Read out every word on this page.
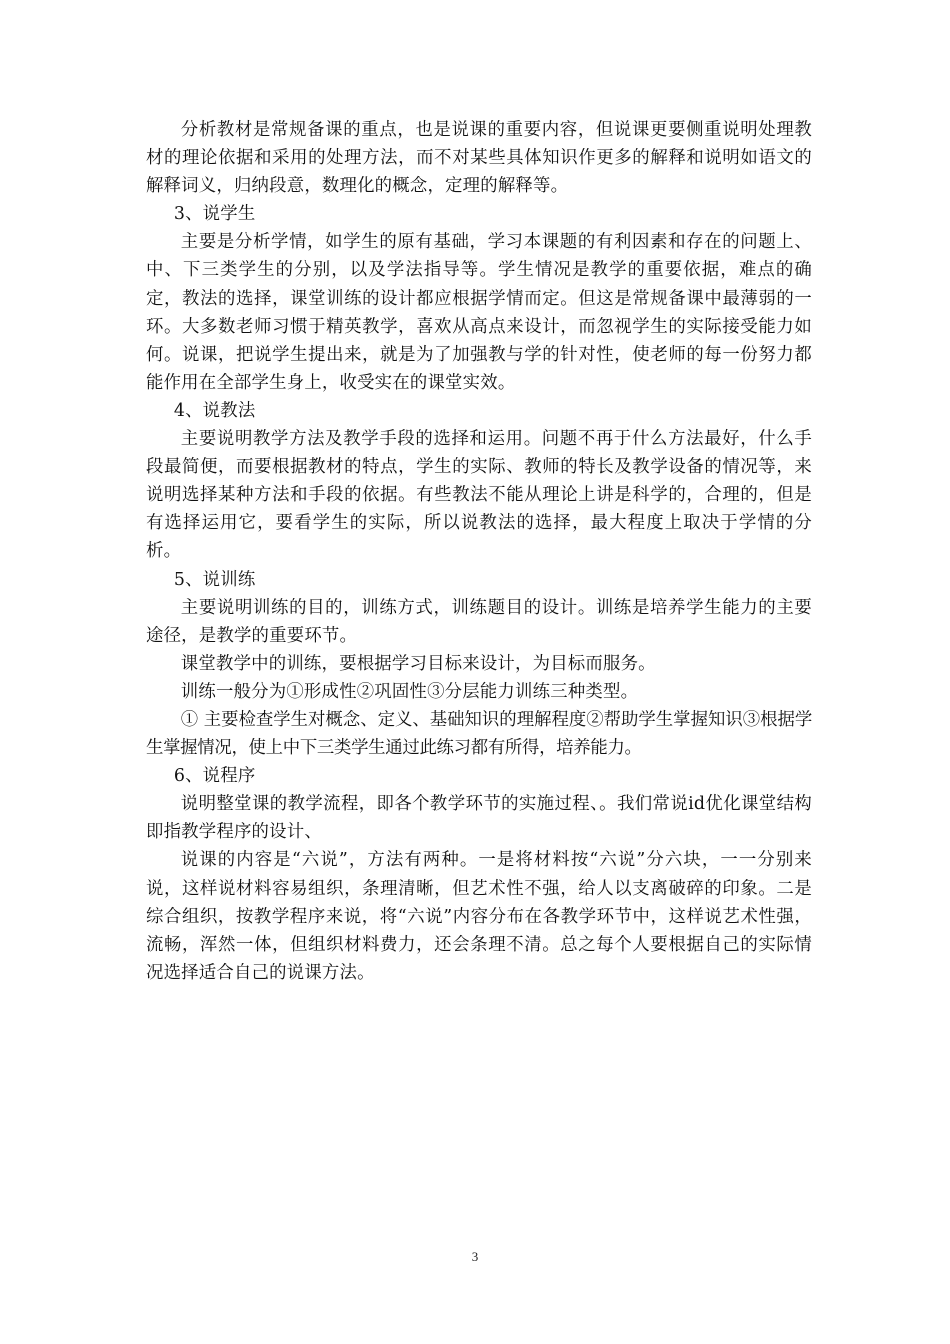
分析教材是常规备课的重点，也是说课的重要内容，但说课更要侧重说明处理教材的理论依据和采用的处理方法，而不对某些具体知识作更多的解释和说明如语文的解释词义，归纳段意，数理化的概念，定理的解释等。

3、说学生

主要是分析学情，如学生的原有基础，学习本课题的有利因素和存在的问题上、中、下三类学生的分别，以及学法指导等。学生情况是教学的重要依据，难点的确定，教法的选择，课堂训练的设计都应根据学情而定。但这是常规备课中最薄弱的一环。大多数老师习惯于精英教学，喜欢从高点来设计，而忽视学生的实际接受能力如何。说课，把说学生提出来，就是为了加强教与学的针对性，使老师的每一份努力都能作用在全部学生身上，收受实在的课堂实效。

4、说教法

主要说明教学方法及教学手段的选择和运用。问题不再于什么方法最好，什么手段最简便，而要根据教材的特点，学生的实际、教师的特长及教学设备的情况等，来说明选择某种方法和手段的依据。有些教法不能从理论上讲是科学的，合理的，但是有选择运用它，要看学生的实际，所以说教法的选择，最大程度上取决于学情的分析。

5、说训练

主要说明训练的目的，训练方式，训练题目的设计。训练是培养学生能力的主要途径，是教学的重要环节。

课堂教学中的训练，要根据学习目标来设计，为目标而服务。

训练一般分为①形成性②巩固性③分层能力训练三种类型。

① 主要检查学生对概念、定义、基础知识的理解程度②帮助学生掌握知识③根据学生掌握情况，使上中下三类学生通过此练习都有所得，培养能力。

6、说程序

说明整堂课的教学流程，即各个教学环节的实施过程、。我们常说id优化课堂结构即指教学程序的设计、

说课的内容是“六说”，方法有两种。一是将材料按“六说”分六块，一一分别来说，这样说材料容易组织，条理清晰，但艺术性不强，给人以支离破碎的印象。二是综合组织，按教学程序来说，将“六说”内容分布在各教学环节中，这样说艺术性强，流畅，浑然一体，但组织材料费力，还会条理不清。总之每个人要根据自己的实际情况选择适合自己的说课方法。

3
